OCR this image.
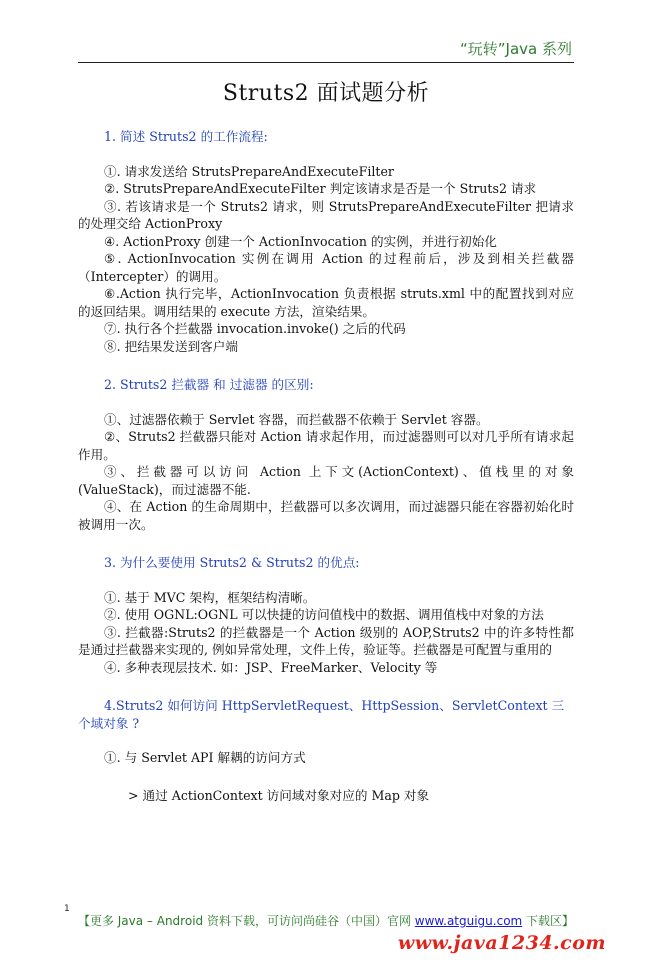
“玩转”Java 系列
Struts2 面试题分析
1. 简述 Struts2 的工作流程:
①. 请求发送给 StrutsPrepareAndExecuteFilter
②. StrutsPrepareAndExecuteFilter 判定该请求是否是一个 Struts2 请求
③. 若该请求是一个 Struts2 请求，则 StrutsPrepareAndExecuteFilter 把请求的处理交给 ActionProxy
④. ActionProxy 创建一个 ActionInvocation 的实例，并进行初始化
⑤. ActionInvocation 实例在调用 Action 的过程前后，涉及到相关拦截器（Intercepter）的调用。
⑥.Action 执行完毕，ActionInvocation 负责根据 struts.xml 中的配置找到对应的返回结果。调用结果的 execute 方法，渲染结果。
⑦. 执行各个拦截器 invocation.invoke() 之后的代码
⑧. 把结果发送到客户端
2. Struts2 拦截器 和 过滤器 的区别:
①、过滤器依赖于 Servlet 容器，而拦截器不依赖于 Servlet 容器。
②、Struts2 拦截器只能对 Action 请求起作用，而过滤器则可以对几乎所有请求起作用。
③、拦截器可以访问 Action 上下文(ActionContext)、值栈里的对象(ValueStack)，而过滤器不能.
④、在 Action 的生命周期中，拦截器可以多次调用，而过滤器只能在容器初始化时被调用一次。
3. 为什么要使用 Struts2 & Struts2 的优点:
①. 基于 MVC 架构，框架结构清晰。
②. 使用 OGNL:OGNL 可以快捷的访问值栈中的数据、调用值栈中对象的方法
③. 拦截器:Struts2 的拦截器是一个 Action 级别的 AOP,Struts2 中的许多特性都是通过拦截器来实现的, 例如异常处理，文件上传，验证等。拦截器是可配置与重用的
④. 多种表现层技术. 如：JSP、FreeMarker、Velocity 等
4.Struts2 如何访问 HttpServletRequest、HttpSession、ServletContext 三个域对象 ?
①. 与 Servlet API 解耦的访问方式
> 通过 ActionContext 访问域对象对应的 Map 对象
1
【更多 Java – Android 资料下载，可访问尚硅谷（中国）官网 www.atguigu.com 下载区】
www.java1234.com
